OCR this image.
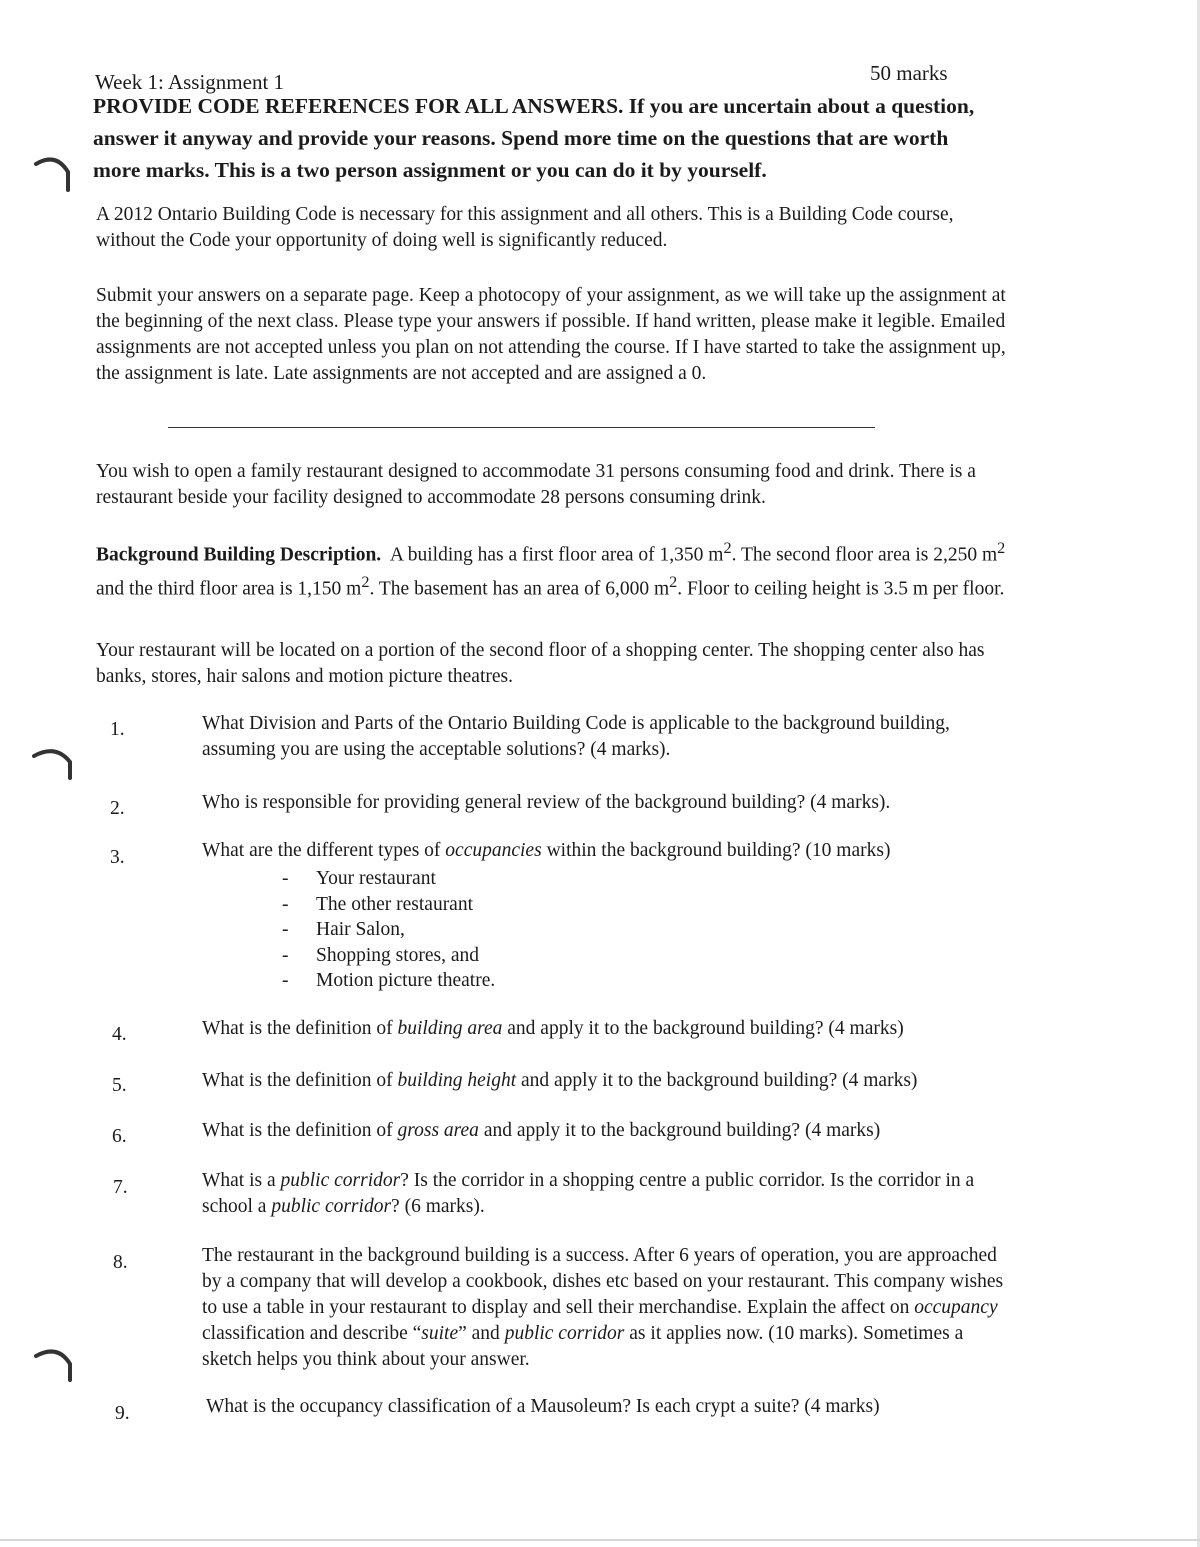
Week 1: Assignment 1	50 marks
PROVIDE CODE REFERENCES FOR ALL ANSWERS. If you are uncertain about a question, answer it anyway and provide your reasons. Spend more time on the questions that are worth more marks. This is a two person assignment or you can do it by yourself.
A 2012 Ontario Building Code is necessary for this assignment and all others. This is a Building Code course, without the Code your opportunity of doing well is significantly reduced.
Submit your answers on a separate page. Keep a photocopy of your assignment, as we will take up the assignment at the beginning of the next class. Please type your answers if possible. If hand written, please make it legible. Emailed assignments are not accepted unless you plan on not attending the course. If I have started to take the assignment up, the assignment is late. Late assignments are not accepted and are assigned a 0.
You wish to open a family restaurant designed to accommodate 31 persons consuming food and drink. There is a restaurant beside your facility designed to accommodate 28 persons consuming drink.
Background Building Description. A building has a first floor area of 1,350 $m^2$. The second floor area is 2,250 $m^2$ and the third floor area is 1,150 $m^2$. The basement has an area of 6,000 $m^2$. Floor to ceiling height is 3.5 m per floor.
Your restaurant will be located on a portion of the second floor of a shopping center. The shopping center also has banks, stores, hair salons and motion picture theatres.
1.	What Division and Parts of the Ontario Building Code is applicable to the background building, assuming you are using the acceptable solutions? (4 marks).
2.	Who is responsible for providing general review of the background building? (4 marks).
3.	What are the different types of occupancies within the background building? (10 marks)
- Your restaurant
- The other restaurant
- Hair Salon,
- Shopping stores, and
- Motion picture theatre.
4.	What is the definition of building area and apply it to the background building? (4 marks)
5.	What is the definition of building height and apply it to the background building? (4 marks)
6.	What is the definition of gross area and apply it to the background building? (4 marks)
7.	What is a public corridor? Is the corridor in a shopping centre a public corridor. Is the corridor in a school a public corridor? (6 marks).
8.	The restaurant in the background building is a success. After 6 years of operation, you are approached by a company that will develop a cookbook, dishes etc based on your restaurant. This company wishes to use a table in your restaurant to display and sell their merchandise. Explain the affect on occupancy classification and describe “suite” and public corridor as it applies now. (10 marks). Sometimes a sketch helps you think about your answer.
9.	What is the occupancy classification of a Mausoleum? Is each crypt a suite? (4 marks)
